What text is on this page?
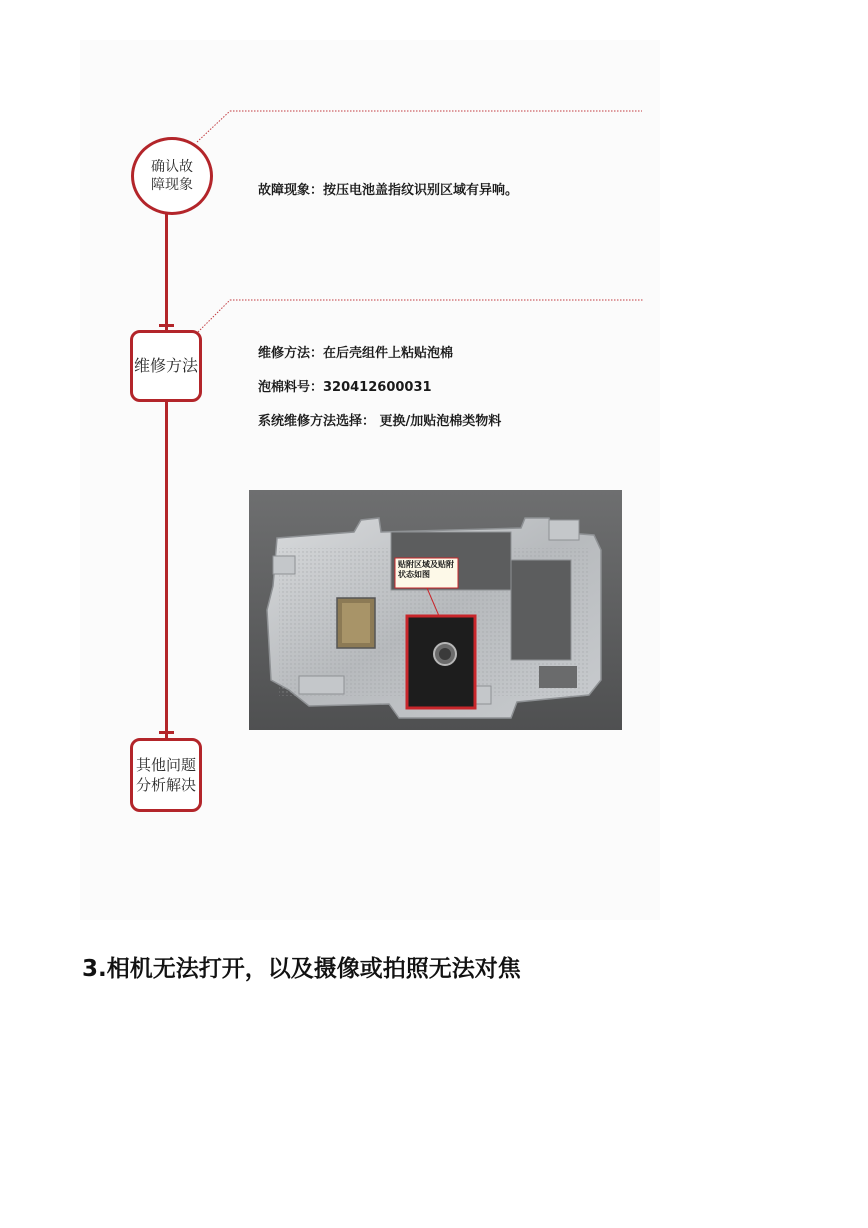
确认故
障现象
维修方法
其他问题
分析解决
故障现象：按压电池盖指纹识别区域有异响。
维修方法：在后壳组件上粘贴泡棉
泡棉料号：320412600031
系统维修方法选择： 更换/加贴泡棉类物料
贴附区域及贴附状态如图
3.相机无法打开，以及摄像或拍照无法对焦
